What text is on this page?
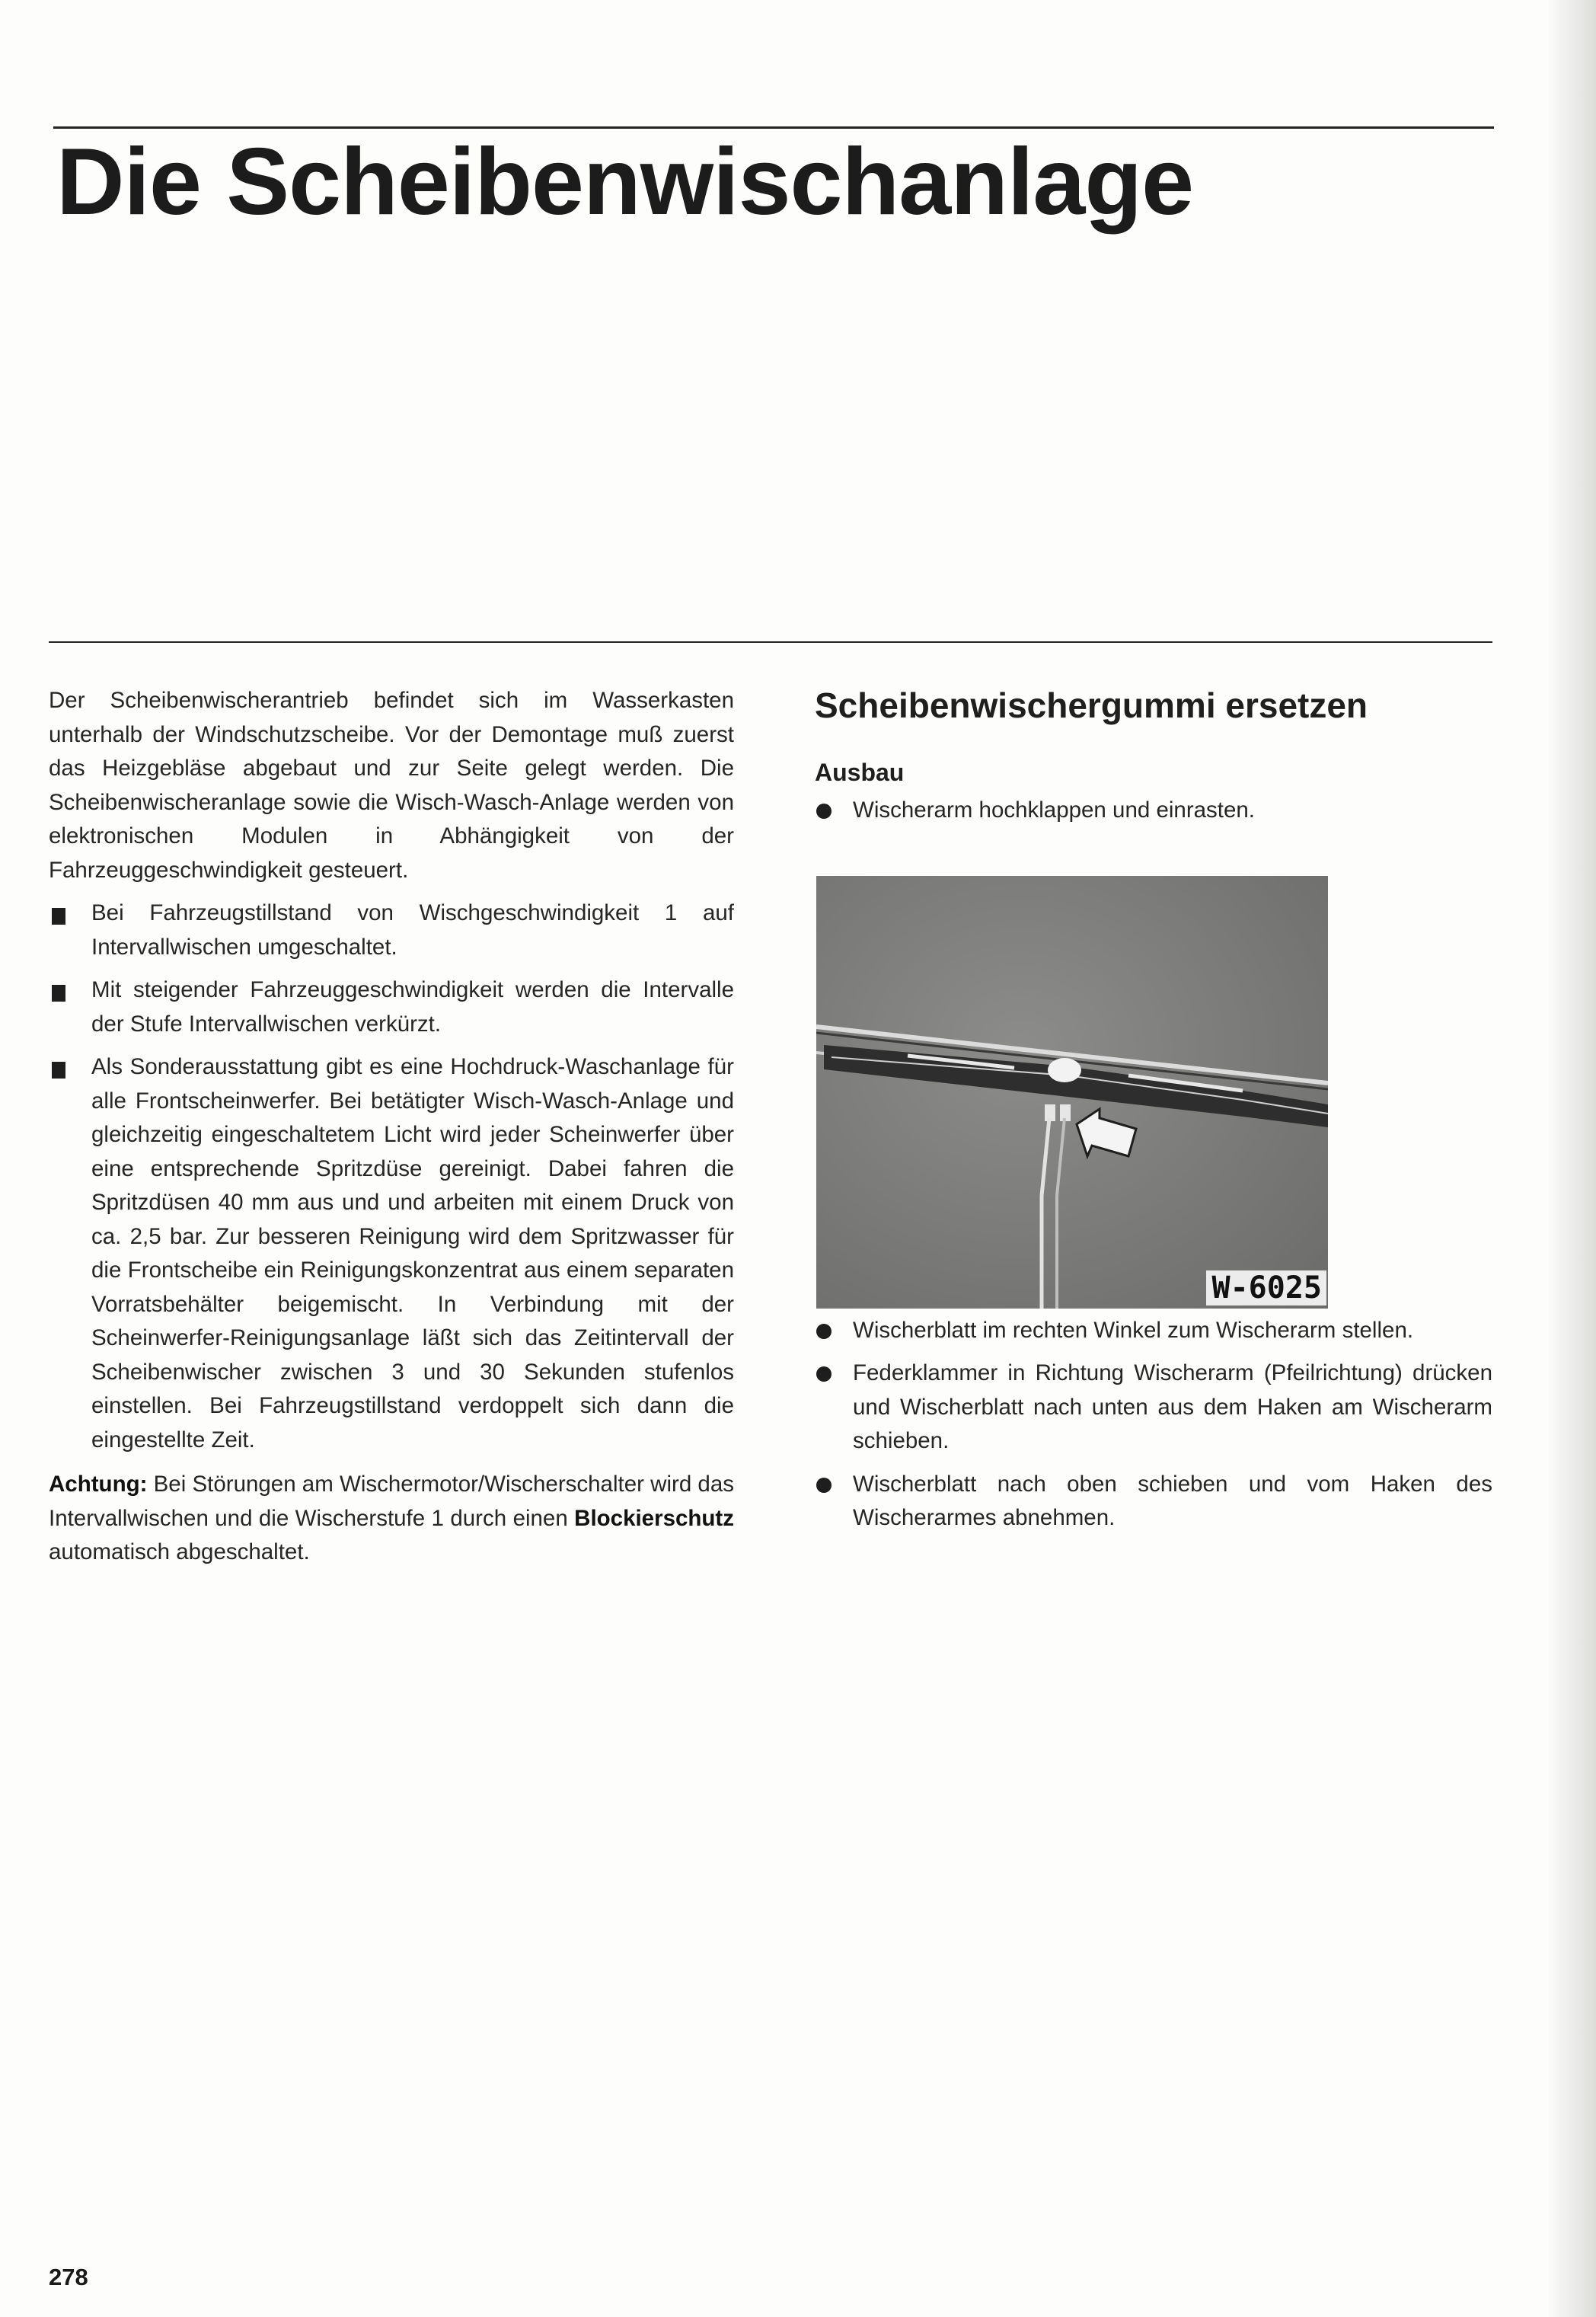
Die Scheibenwischanlage

Der Scheibenwischerantrieb befindet sich im Wasserkasten unterhalb der Windschutzscheibe. Vor der Demontage muß zuerst das Heizgebläse abgebaut und zur Seite gelegt werden. Die Scheibenwischeranlage sowie die Wisch-Wasch-Anlage werden von elektronischen Modulen in Abhängigkeit von der Fahrzeuggeschwindigkeit gesteuert.

Bei Fahrzeugstillstand von Wischgeschwindigkeit 1 auf Intervallwischen umgeschaltet.
Mit steigender Fahrzeuggeschwindigkeit werden die Intervalle der Stufe Intervallwischen verkürzt.
Als Sonderausstattung gibt es eine Hochdruck-Waschanlage für alle Frontscheinwerfer. Bei betätigter Wisch-Wasch-Anlage und gleichzeitig eingeschaltetem Licht wird jeder Scheinwerfer über eine entsprechende Spritzdüse gereinigt. Dabei fahren die Spritzdüsen 40 mm aus und und arbeiten mit einem Druck von ca. 2,5 bar. Zur besseren Reinigung wird dem Spritzwasser für die Frontscheibe ein Reinigungskonzentrat aus einem separaten Vorratsbehälter beigemischt. In Verbindung mit der Scheinwerfer-Reinigungsanlage läßt sich das Zeitintervall der Scheibenwischer zwischen 3 und 30 Sekunden stufenlos einstellen. Bei Fahrzeugstillstand verdoppelt sich dann die eingestellte Zeit.

Achtung: Bei Störungen am Wischermotor/Wischerschalter wird das Intervallwischen und die Wischerstufe 1 durch einen Blockierschutz automatisch abgeschaltet.

Scheibenwischergummi ersetzen
Ausbau
Wischerarm hochklappen und einrasten.
Wischerblatt im rechten Winkel zum Wischerarm stellen.
Federklammer in Richtung Wischerarm (Pfeilrichtung) drücken und Wischerblatt nach unten aus dem Haken am Wischerarm schieben.
Wischerblatt nach oben schieben und vom Haken des Wischerarmes abnehmen.
W-6025

278
